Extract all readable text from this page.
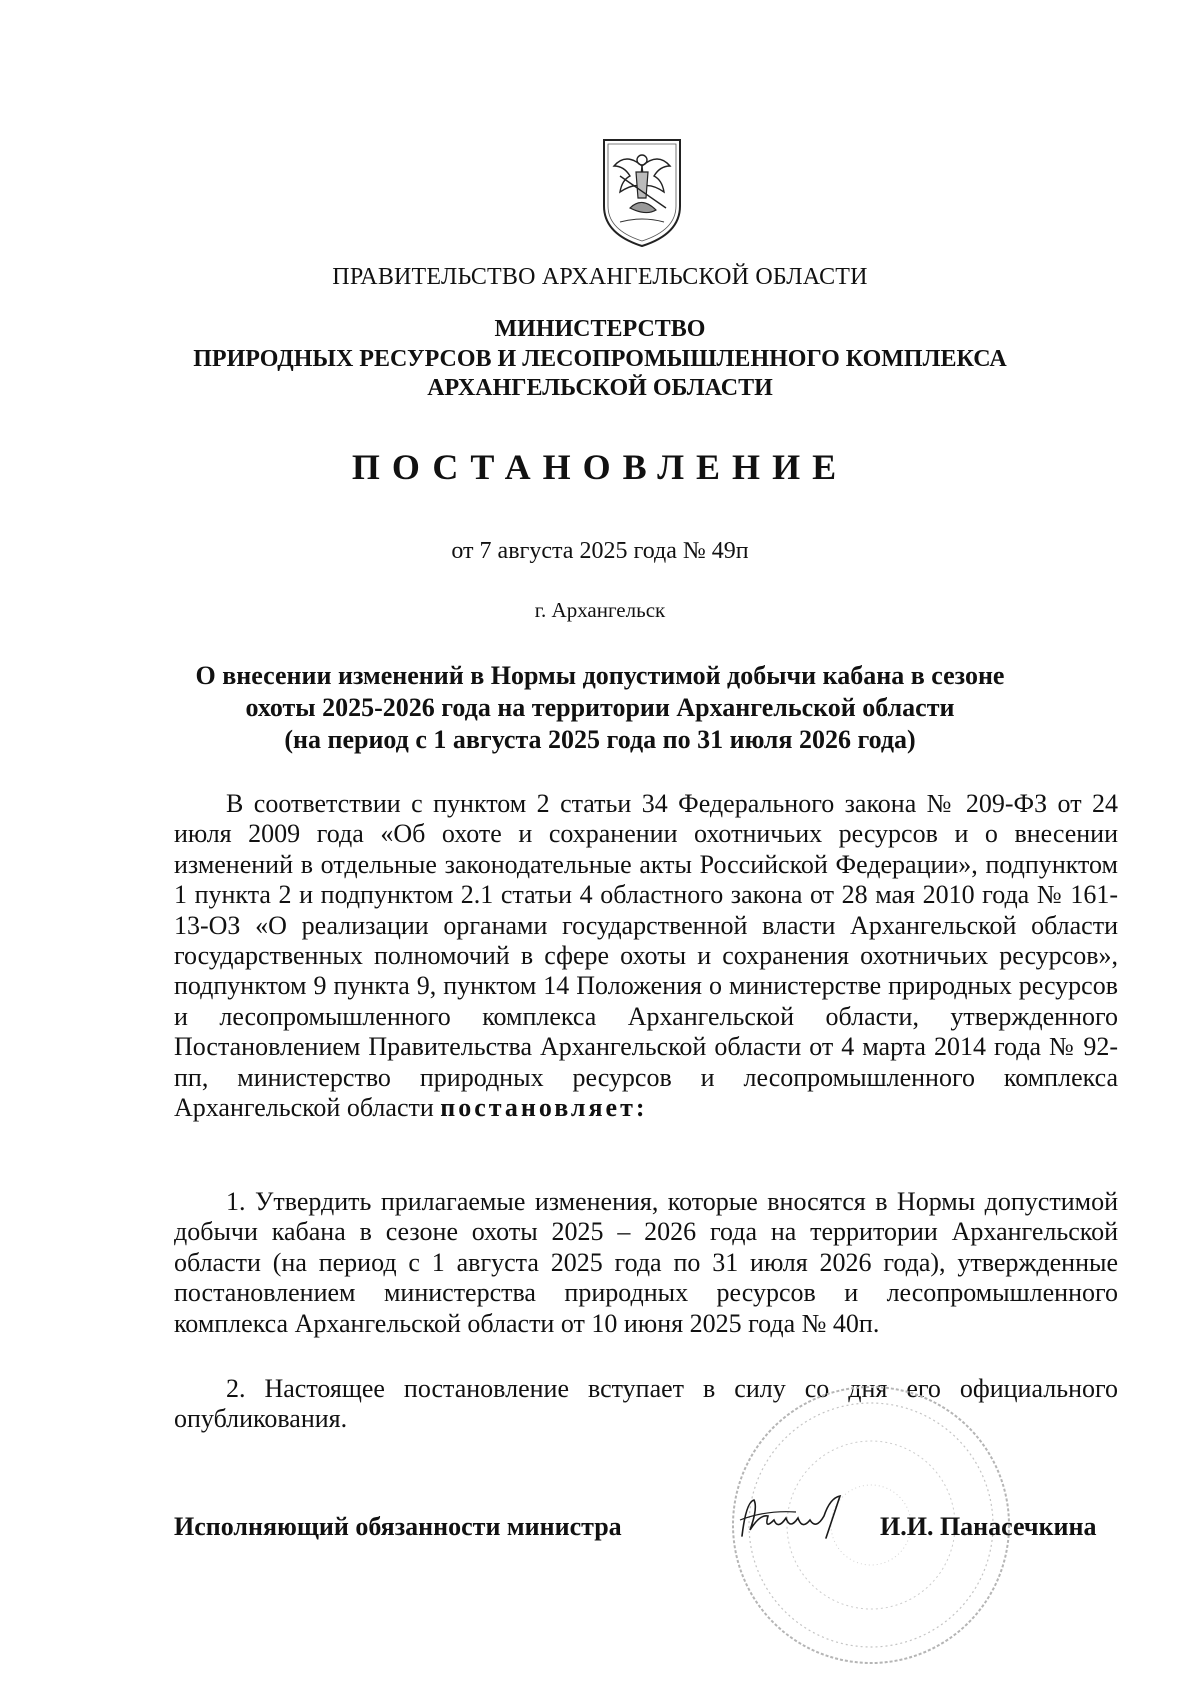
ПРАВИТЕЛЬСТВО АРХАНГЕЛЬСКОЙ ОБЛАСТИ
МИНИСТЕРСТВО
ПРИРОДНЫХ РЕСУРСОВ И ЛЕСОПРОМЫШЛЕННОГО КОМПЛЕКСА
АРХАНГЕЛЬСКОЙ ОБЛАСТИ
ПОСТАНОВЛЕНИЕ
от 7 августа 2025 года № 49п
г. Архангельск
О внесении изменений в Нормы допустимой добычи кабана в сезоне
охоты 2025-2026 года на территории Архангельской области
(на период с 1 августа 2025 года по 31 июля 2026 года)

В соответствии с пунктом 2 статьи 34 Федерального закона № 209-ФЗ от 24 июля 2009 года «Об охоте и сохранении охотничьих ресурсов и о внесении изменений в отдельные законодательные акты Российской Федерации», подпунктом 1 пункта 2 и подпунктом 2.1 статьи 4 областного закона от 28 мая 2010 года № 161-13-ОЗ «О реализации органами государственной власти Архангельской области государственных полномочий в сфере охоты и сохранения охотничьих ресурсов», подпунктом 9 пункта 9, пунктом 14 Положения о министерстве природных ресурсов и лесопромышленного комплекса Архангельской области, утвержденного Постановлением Правительства Архангельской области от 4 марта 2014 года № 92-пп, министерство природных ресурсов и лесопромышленного комплекса Архангельской области постановляет:

1. Утвердить прилагаемые изменения, которые вносятся в Нормы допустимой добычи кабана в сезоне охоты 2025 – 2026 года на территории Архангельской области (на период с 1 августа 2025 года по 31 июля 2026 года), утвержденные постановлением министерства природных ресурсов и лесопромышленного комплекса Архангельской области от 10 июня 2025 года № 40п.

2. Настоящее постановление вступает в силу со дня его официального опубликования.

Исполняющий обязанности министра	И.И. Панасечкина
